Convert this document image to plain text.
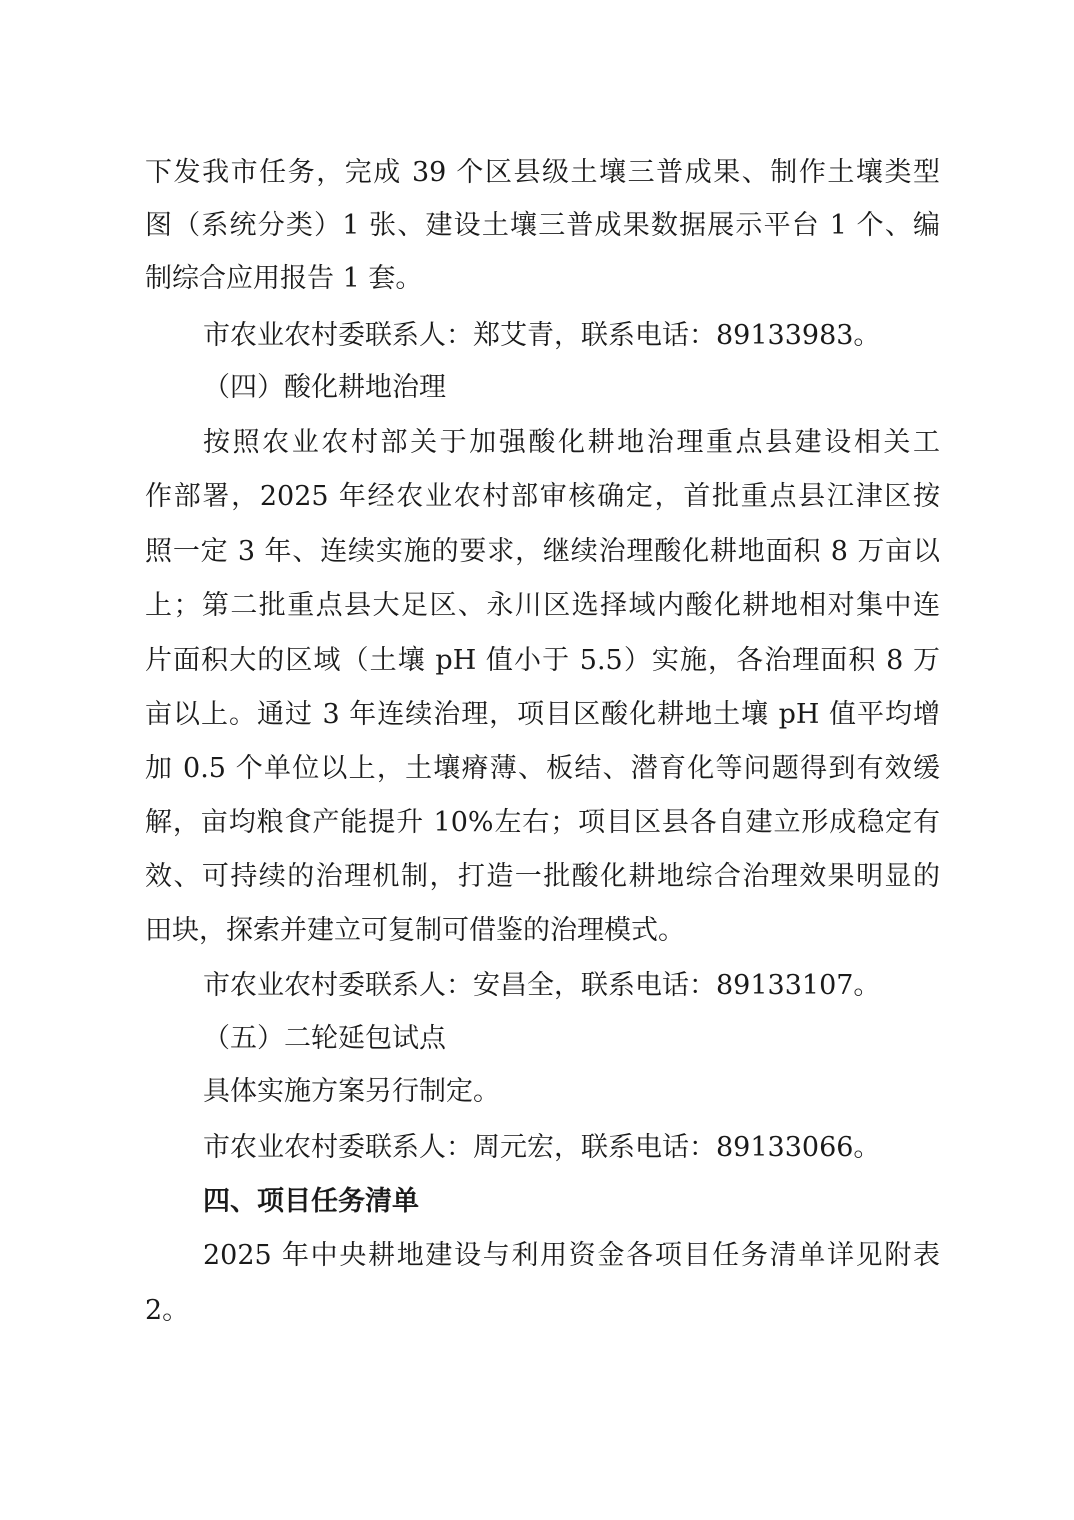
下发我市任务，完成 39 个区县级土壤三普成果、制作土壤类型

图（系统分类）1 张、建设土壤三普成果数据展示平台 1 个、编

制综合应用报告 1 套。

市农业农村委联系人：郑艾青，联系电话：89133983。

（四）酸化耕地治理

按照农业农村部关于加强酸化耕地治理重点县建设相关工

作部署，2025 年经农业农村部审核确定，首批重点县江津区按

照一定 3 年、连续实施的要求，继续治理酸化耕地面积 8 万亩以

上；第二批重点县大足区、永川区选择域内酸化耕地相对集中连

片面积大的区域（土壤 pH 值小于 5.5）实施，各治理面积 8 万

亩以上。通过 3 年连续治理，项目区酸化耕地土壤 pH 值平均增

加 0.5 个单位以上，土壤瘠薄、板结、潜育化等问题得到有效缓

解，亩均粮食产能提升 10%左右；项目区县各自建立形成稳定有

效、可持续的治理机制，打造一批酸化耕地综合治理效果明显的

田块，探索并建立可复制可借鉴的治理模式。

市农业农村委联系人：安昌全，联系电话：89133107。

（五）二轮延包试点

具体实施方案另行制定。

市农业农村委联系人：周元宏，联系电话：89133066。

四、项目任务清单

2025 年中央耕地建设与利用资金各项目任务清单详见附表

2。
